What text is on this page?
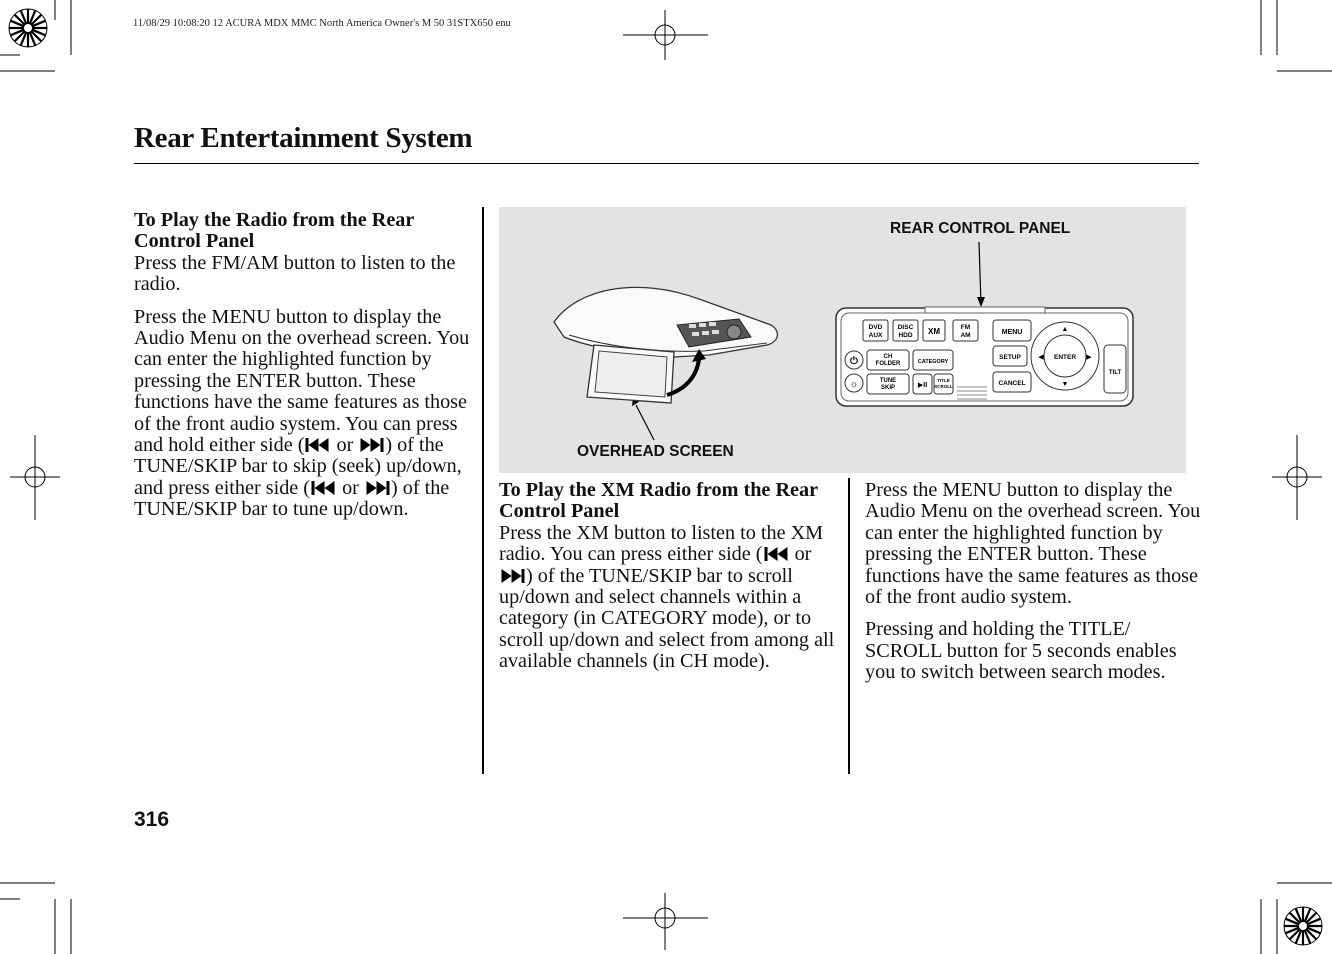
11/08/29 10:08:20 12 ACURA MDX MMC North America Owner's M 50 31STX650 enu
Rear Entertainment System
To Play the Radio from the Rear Control Panel

Press the FM/AM button to listen to the radio.

Press the MENU button to display the Audio Menu on the overhead screen. You can enter the highlighted function by pressing the ENTER button. These functions have the same features as those of the front audio system. You can press and hold either side ( or ) of the TUNE/SKIP bar to skip (seek) up/down, and press either side ( or ) of the TUNE/SKIP bar to tune up/down.

REAR CONTROL PANEL
OVERHEAD SCREEN
DVD
AUX
DISC
HDD XM	FM
AM
⏻
☼
CH
FOLDER	CATEGORY
TUNE
SKIP	▶II
TITLE
SCROLL
MENU
SETUP
CANCEL
ENTER
▲
▼
◀	▶
TILT
To Play the XM Radio from the Rear Control Panel

Press the XM button to listen to the XM radio. You can press either side ( or ) of the TUNE/SKIP bar to scroll up/down and select channels within a category (in CATEGORY mode), or to scroll up/down and select from among all available channels (in CH mode).

Press the MENU button to display the Audio Menu on the overhead screen. You can enter the highlighted function by pressing the ENTER button. These functions have the same features as those of the front audio system.

Pressing and holding the TITLE/ SCROLL button for 5 seconds enables you to switch between search modes.

316
